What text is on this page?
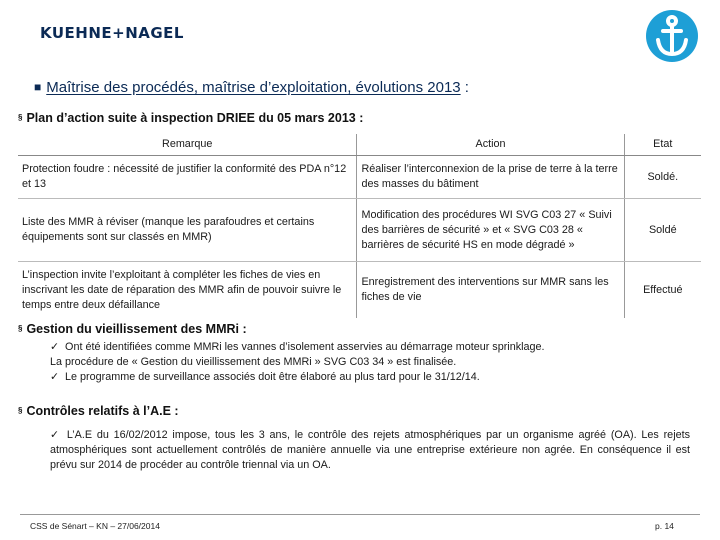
KUEHNE+NAGEL
■ Maîtrise des procédés, maîtrise d’exploitation, évolutions 2013 :
§ Plan d’action suite à inspection DRIEE du 05 mars 2013 :
Remarque	Action	Etat
Protection foudre : nécessité de justifier la conformité des PDA n°12 et 13	Réaliser l’interconnexion de la prise de terre à la terre des masses du bâtiment	Soldé.
Liste des MMR à réviser (manque les parafoudres et certains équipements sont sur classés en MMR)	Modification des procédures WI SVG C03 27 « Suivi des barrières de sécurité » et « SVG C03 28 « barrières de sécurité HS en mode dégradé »	Soldé
L’inspection invite l’exploitant à compléter les fiches de vies en inscrivant les date de réparation des MMR afin de pouvoir suivre le temps entre deux défaillance	Enregistrement des interventions sur MMR sans les fiches de vie	Effectué
§ Gestion du vieillissement des MMRi :
✓ Ont été identifiées comme MMRi les vannes d’isolement asservies au démarrage moteur sprinklage.
La procédure de « Gestion du vieillissement des MMRi » SVG C03 34 » est finalisée.
✓ Le programme de surveillance associés doit être élaboré au plus tard pour le 31/12/14.
§ Contrôles relatifs à l’A.E :
✓ L’A.E du 16/02/2012 impose, tous les 3 ans, le contrôle des rejets atmosphériques par un organisme agréé (OA). Les rejets atmosphériques sont actuellement contrôlés de manière annuelle via une entreprise extérieure non agrée. En conséquence il est prévu sur 2014 de procéder au contrôle triennal via un OA.
CSS de Sénart – KN – 27/06/2014	p. 14
